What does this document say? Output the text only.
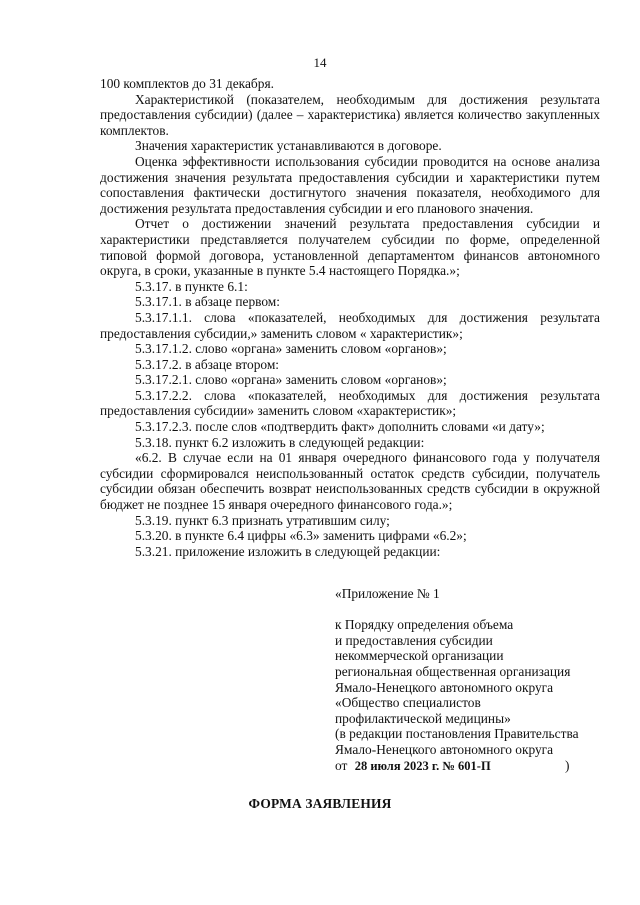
14

100 комплектов до 31 декабря.

Характеристикой (показателем, необходимым для достижения результата предоставления субсидии) (далее – характеристика) является количество закупленных комплектов.

Значения характеристик устанавливаются в договоре.

Оценка эффективности использования субсидии проводится на основе анализа достижения значения результата предоставления субсидии и характеристики путем сопоставления фактически достигнутого значения показателя, необходимого для достижения результата предоставления субсидии и его планового значения.

Отчет о достижении значений результата предоставления субсидии и характеристики представляется получателем субсидии по форме, определенной типовой формой договора, установленной департаментом финансов автономного округа, в сроки, указанные в пункте 5.4 настоящего Порядка.»;

5.3.17. в пункте 6.1:

5.3.17.1. в абзаце первом:

5.3.17.1.1. слова «показателей, необходимых для достижения результата предоставления субсидии,» заменить словом « характеристик»;

5.3.17.1.2. слово «органа» заменить словом «органов»;

5.3.17.2. в абзаце втором:

5.3.17.2.1. слово «органа» заменить словом «органов»;

5.3.17.2.2. слова «показателей, необходимых для достижения результата предоставления субсидии» заменить словом «характеристик»;

5.3.17.2.3. после слов «подтвердить факт» дополнить словами «и дату»;

5.3.18. пункт 6.2 изложить в следующей редакции:

«6.2. В случае если на 01 января очередного финансового года у получателя субсидии сформировался неиспользованный остаток средств субсидии, получатель субсидии обязан обеспечить возврат неиспользованных средств субсидии в окружной бюджет не позднее 15 января очередного финансового года.»;

5.3.19. пункт 6.3 признать утратившим силу;

5.3.20. в пункте 6.4 цифры «6.3» заменить цифрами «6.2»;

5.3.21. приложение изложить в следующей редакции:

«Приложение № 1
к Порядку определения объема
и предоставления субсидии
некоммерческой организации
региональная общественная организация
Ямало-Ненецкого автономного округа
«Общество специалистов
профилактической медицины»
(в редакции постановления Правительства
Ямало-Ненецкого автономного округа
от 28 июля 2023 г. № 601-П	)
ФОРМА ЗАЯВЛЕНИЯ
